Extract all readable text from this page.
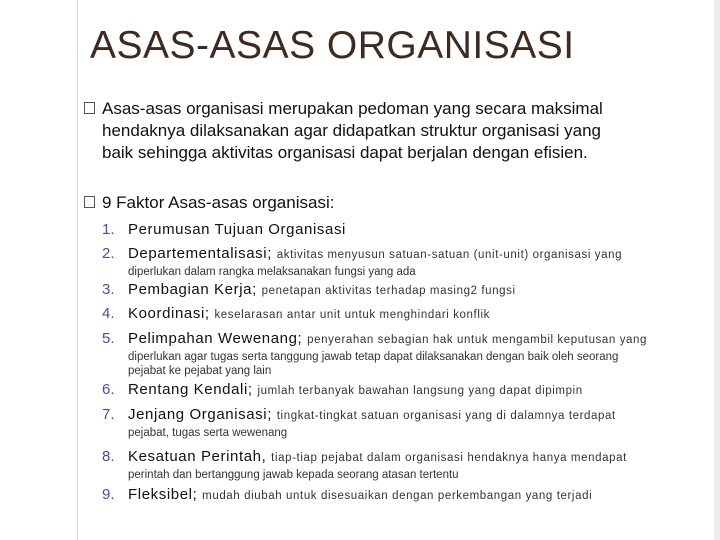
ASAS-ASAS ORGANISASI
Asas-asas organisasi merupakan pedoman yang secara maksimal
hendaknya dilaksanakan agar didapatkan struktur organisasi yang
baik sehingga aktivitas organisasi dapat berjalan dengan efisien.
9 Faktor Asas-asas organisasi:
1. Perumusan Tujuan Organisasi
2. Departementalisasi; aktivitas menyusun satuan-satuan (unit-unit) organisasi yang
diperlukan dalam rangka melaksanakan fungsi yang ada
3. Pembagian Kerja; penetapan aktivitas terhadap masing2 fungsi
4. Koordinasi; keselarasan antar unit untuk menghindari konflik
5. Pelimpahan Wewenang; penyerahan sebagian hak untuk mengambil keputusan yang
diperlukan agar tugas serta tanggung jawab tetap dapat dilaksanakan dengan baik oleh seorang
pejabat ke pejabat yang lain
6. Rentang Kendali; jumlah terbanyak bawahan langsung yang dapat dipimpin
7. Jenjang Organisasi; tingkat-tingkat satuan organisasi yang di dalamnya terdapat
pejabat, tugas serta wewenang
8. Kesatuan Perintah, tiap-tiap pejabat dalam organisasi hendaknya hanya mendapat
perintah dan bertanggung jawab kepada seorang atasan tertentu
9. Fleksibel; mudah diubah untuk disesuaikan dengan perkembangan yang terjadi
